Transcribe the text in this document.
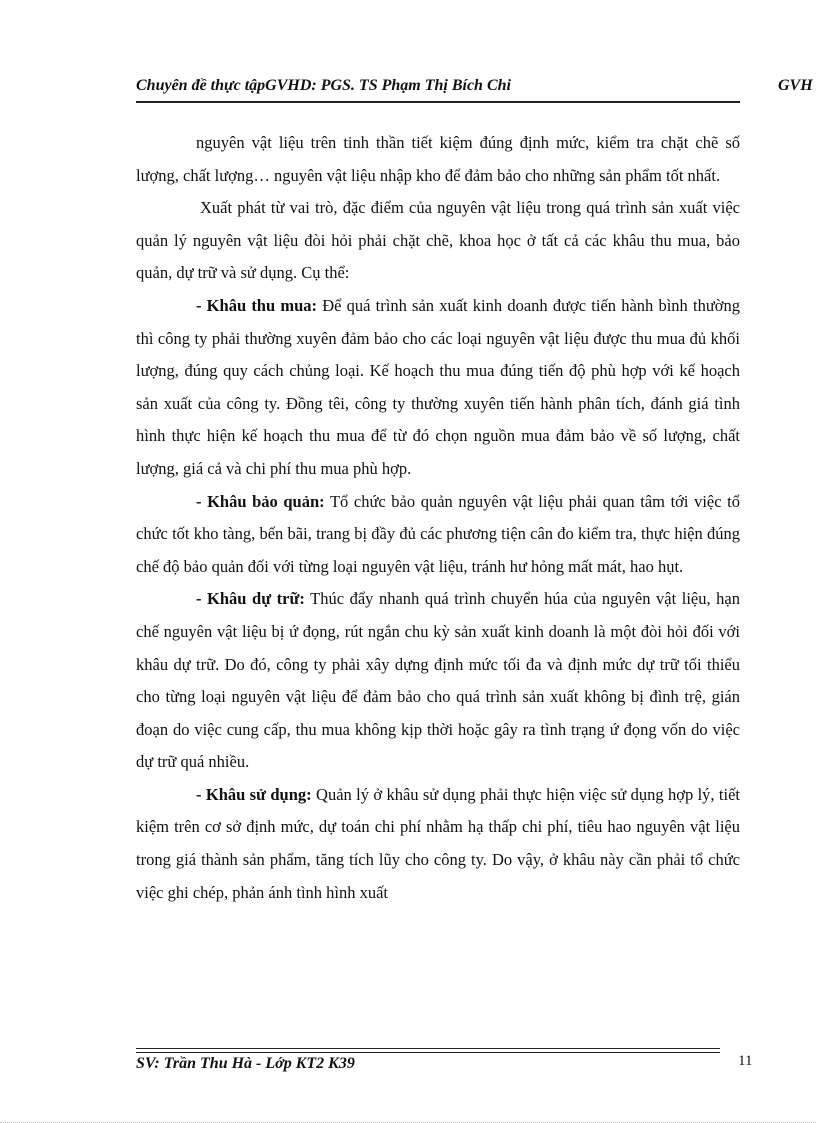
Chuyên đề thực tậpGVHD: PGS. TS Phạm Thị Bích Chi	GVH

nguyên vật liệu trên tinh thần tiết kiệm đúng định mức, kiểm tra chặt chẽ số lượng, chất lượng… nguyên vật liệu nhập kho để đảm bảo cho những sản phẩm tốt nhất.

Xuất phát từ vai trò, đặc điểm của nguyên vật liệu trong quá trình sản xuất việc quản lý nguyên vật liệu đòi hỏi phải chặt chẽ, khoa học ở tất cả các khâu thu mua, bảo quản, dự trữ và sử dụng. Cụ thể:

- Khâu thu mua: Để quá trình sản xuất kinh doanh được tiến hành bình thường thì công ty phải thường xuyên đảm bảo cho các loại nguyên vật liệu được thu mua đủ khối lượng, đúng quy cách chủng loại. Kế hoạch thu mua đúng tiến độ phù hợp với kế hoạch sản xuất của công ty. Đồng têi, công ty thường xuyên tiến hành phân tích, đánh giá tình hình thực hiện kế hoạch thu mua để từ đó chọn nguồn mua đảm bảo về số lượng, chất lượng, giá cả và chi phí thu mua phù hợp.

- Khâu bảo quản: Tổ chức bảo quản nguyên vật liệu phải quan tâm tới việc tổ chức tốt kho tàng, bến bãi, trang bị đầy đủ các phương tiện cân đo kiểm tra, thực hiện đúng chế độ bảo quản đối với từng loại nguyên vật liệu, tránh hư hỏng mất mát, hao hụt.

- Khâu dự trữ: Thúc đẩy nhanh quá trình chuyển húa của nguyên vật liệu, hạn chế nguyên vật liệu bị ứ đọng, rút ngắn chu kỳ sản xuất kinh doanh là một đòi hỏi đối với khâu dự trữ. Do đó, công ty phải xây dựng định mức tối đa và định mức dự trữ tối thiểu cho từng loại nguyên vật liệu để đảm bảo cho quá trình sản xuất không bị đình trệ, gián đoạn do việc cung cấp, thu mua không kịp thời hoặc gây ra tình trạng ứ đọng vốn do việc dự trữ quá nhiều.

- Khâu sử dụng: Quản lý ở khâu sử dụng phải thực hiện việc sử dụng hợp lý, tiết kiệm trên cơ sở định mức, dự toán chi phí nhằm hạ thấp chi phí, tiêu hao nguyên vật liệu trong giá thành sản phẩm, tăng tích lũy cho công ty. Do vậy, ở khâu này cần phải tổ chức việc ghi chép, phản ánh tình hình xuất

SV: Trần Thu Hà - Lớp KT2 K39	11
